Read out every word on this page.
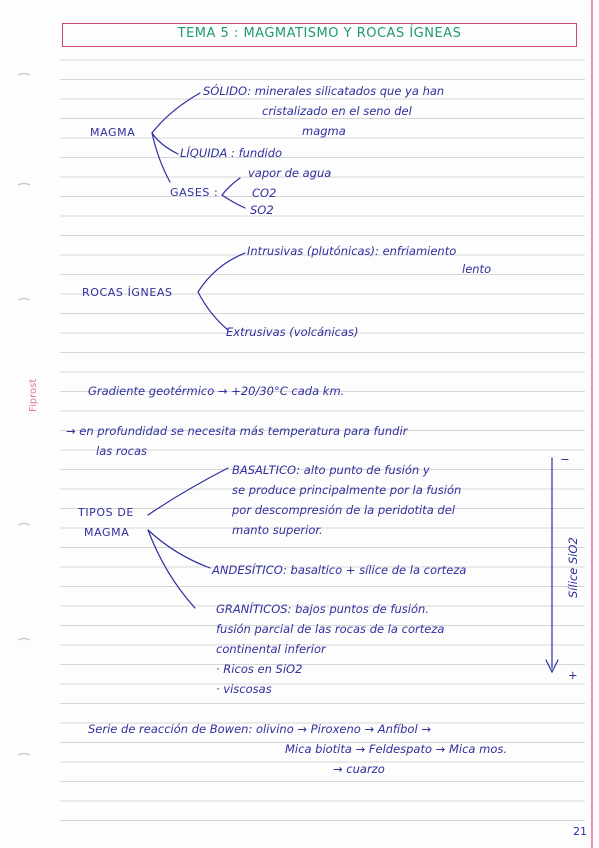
TEMA 5 : MAGMATISMO Y ROCAS ÍGNEAS
Fiprost
MAGMA
SÓLIDO: minerales silicatados que ya han
cristalizado en el seno del
magma
LÍQUIDA : fundido
GASES :
vapor de agua
CO2
SO2
ROCAS ÍGNEAS
Intrusivas (plutónicas): enfriamiento
lento
Extrusivas (volcánicas)
Gradiente geotérmico → +20/30°C cada km.
→ en profundidad se necesita más temperatura para fundir
las rocas
TIPOS DE
MAGMA
BASALTICO: alto punto de fusión y
se produce principalmente por la fusión
por descompresión de la peridotita del
manto superior.
ANDESÍTICO: basaltico + sílice de la corteza
GRANÍTICOS: bajos puntos de fusión.
fusión parcial de las rocas de la corteza
continental inferior
· Ricos en SiO2
· viscosas
−
Sílice SiO2
+
Serie de reacción de Bowen: olivino → Piroxeno → Anfíbol →
Mica biotita → Feldespato → Mica mos.
→ cuarzo
21
